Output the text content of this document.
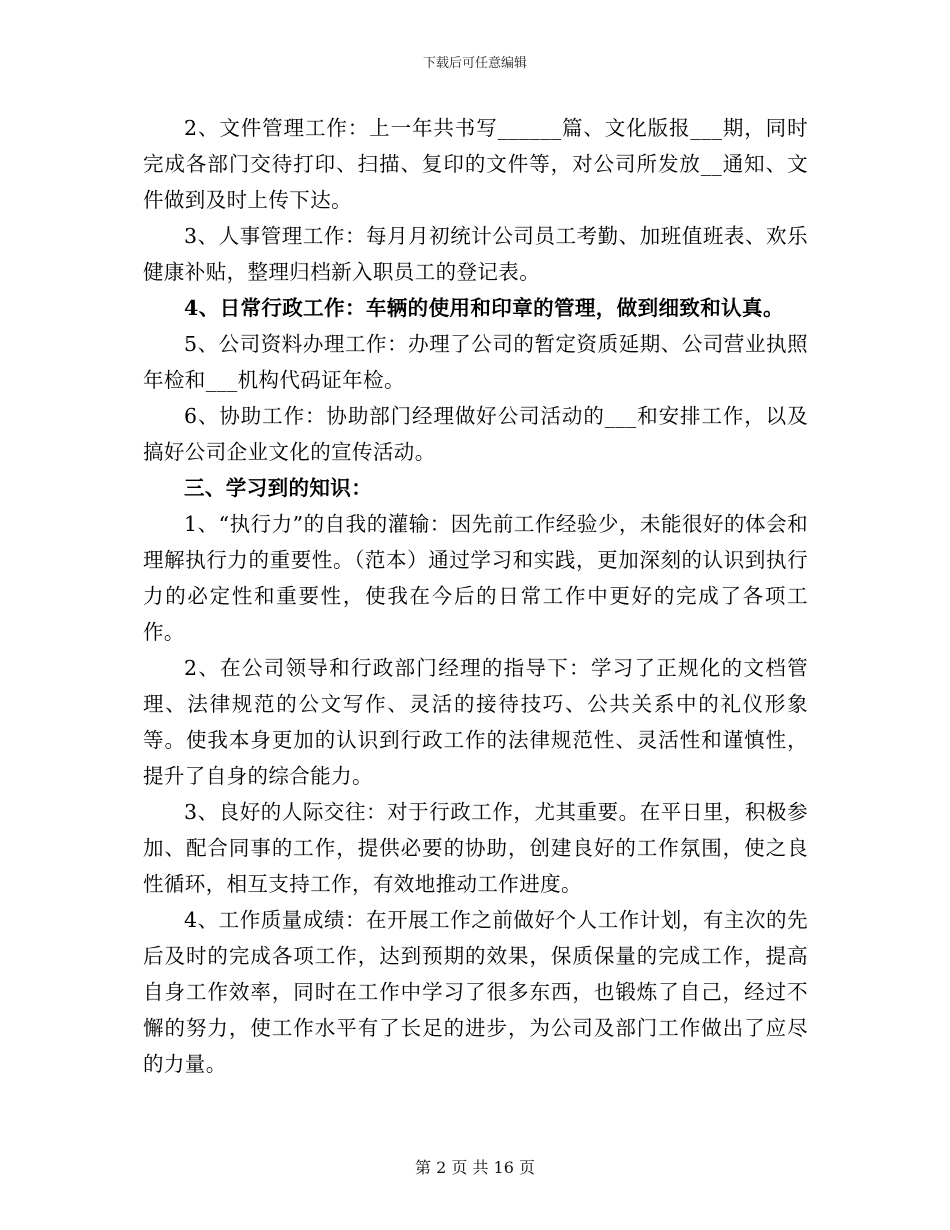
下载后可任意编辑

2、文件管理工作：上一年共书写______篇、文化版报___期，同时完成各部门交待打印、扫描、复印的文件等，对公司所发放__通知、文件做到及时上传下达。

3、人事管理工作：每月月初统计公司员工考勤、加班值班表、欢乐健康补贴，整理归档新入职员工的登记表。

4、日常行政工作：车辆的使用和印章的管理，做到细致和认真。

5、公司资料办理工作：办理了公司的暂定资质延期、公司营业执照年检和___机构代码证年检。

6、协助工作：协助部门经理做好公司活动的___和安排工作，以及搞好公司企业文化的宣传活动。

三、学习到的知识：

1、“执行力”的自我的灌输：因先前工作经验少，未能很好的体会和理解执行力的重要性。（范本）通过学习和实践，更加深刻的认识到执行力的必定性和重要性，使我在今后的日常工作中更好的完成了各项工作。

2、在公司领导和行政部门经理的指导下：学习了正规化的文档管理、法律规范的公文写作、灵活的接待技巧、公共关系中的礼仪形象等。使我本身更加的认识到行政工作的法律规范性、灵活性和谨慎性，提升了自身的综合能力。

3、良好的人际交往：对于行政工作，尤其重要。在平日里，积极参加、配合同事的工作，提供必要的协助，创建良好的工作氛围，使之良性循环，相互支持工作，有效地推动工作进度。

4、工作质量成绩：在开展工作之前做好个人工作计划，有主次的先后及时的完成各项工作，达到预期的效果，保质保量的完成工作，提高自身工作效率，同时在工作中学习了很多东西，也锻炼了自己，经过不懈的努力，使工作水平有了长足的进步，为公司及部门工作做出了应尽的力量。

第 2 页 共 16 页
